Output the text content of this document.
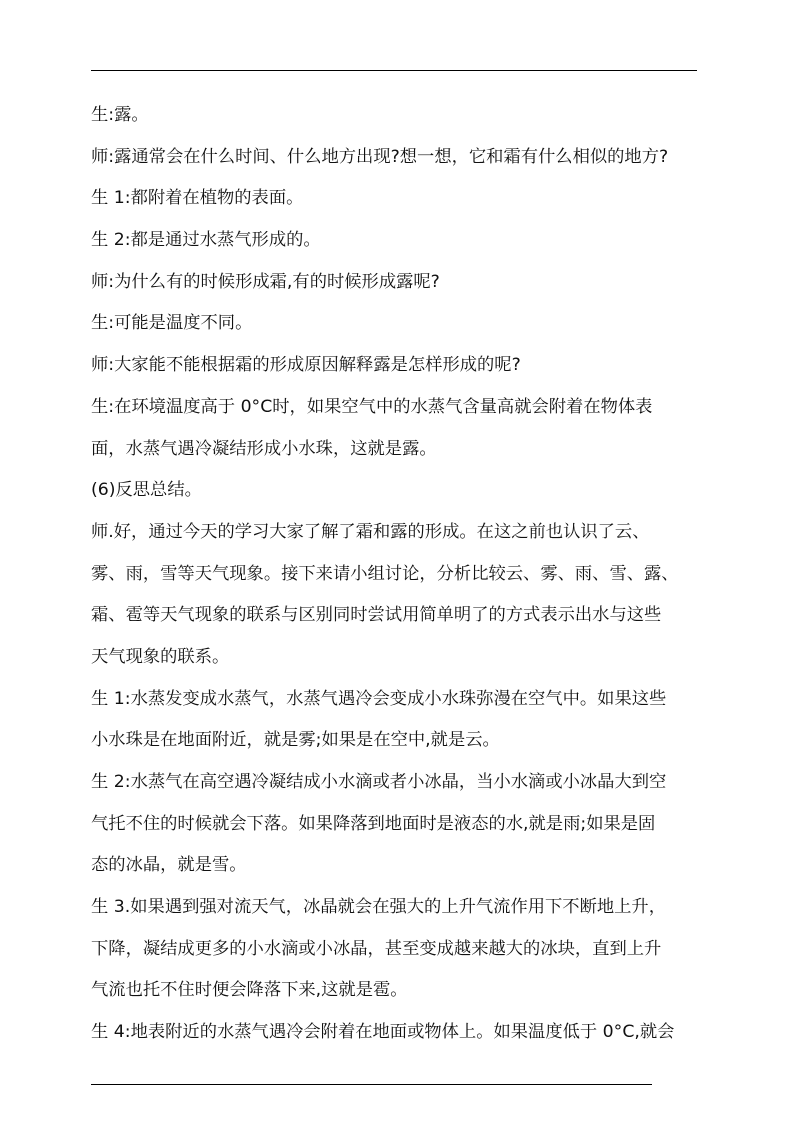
生:露。
师:露通常会在什么时间、什么地方出现?想一想，它和霜有什么相似的地方?
生 1:都附着在植物的表面。
生 2:都是通过水蒸气形成的。
师:为什么有的时候形成霜,有的时候形成露呢?
生:可能是温度不同。
师:大家能不能根据霜的形成原因解释露是怎样形成的呢?
生:在环境温度高于 0°C时，如果空气中的水蒸气含量高就会附着在物体表
面，水蒸气遇冷凝结形成小水珠，这就是露。
(6)反思总结。
师.好，通过今天的学习大家了解了霜和露的形成。在这之前也认识了云、
雾、雨，雪等天气现象。接下来请小组讨论，分析比较云、雾、雨、雪、露、
霜、雹等天气现象的联系与区别同时尝试用简单明了的方式表示出水与这些
天气现象的联系。
生 1:水蒸发变成水蒸气，水蒸气遇冷会变成小水珠弥漫在空气中。如果这些
小水珠是在地面附近，就是雾;如果是在空中,就是云。
生 2:水蒸气在高空遇冷凝结成小水滴或者小冰晶，当小水滴或小冰晶大到空
气托不住的时候就会下落。如果降落到地面时是液态的水,就是雨;如果是固
态的冰晶，就是雪。
生 3.如果遇到强对流天气，冰晶就会在强大的上升气流作用下不断地上升，
下降，凝结成更多的小水滴或小冰晶，甚至变成越来越大的冰块，直到上升
气流也托不住时便会降落下来,这就是雹。
生 4:地表附近的水蒸气遇冷会附着在地面或物体上。如果温度低于 0°C,就会
